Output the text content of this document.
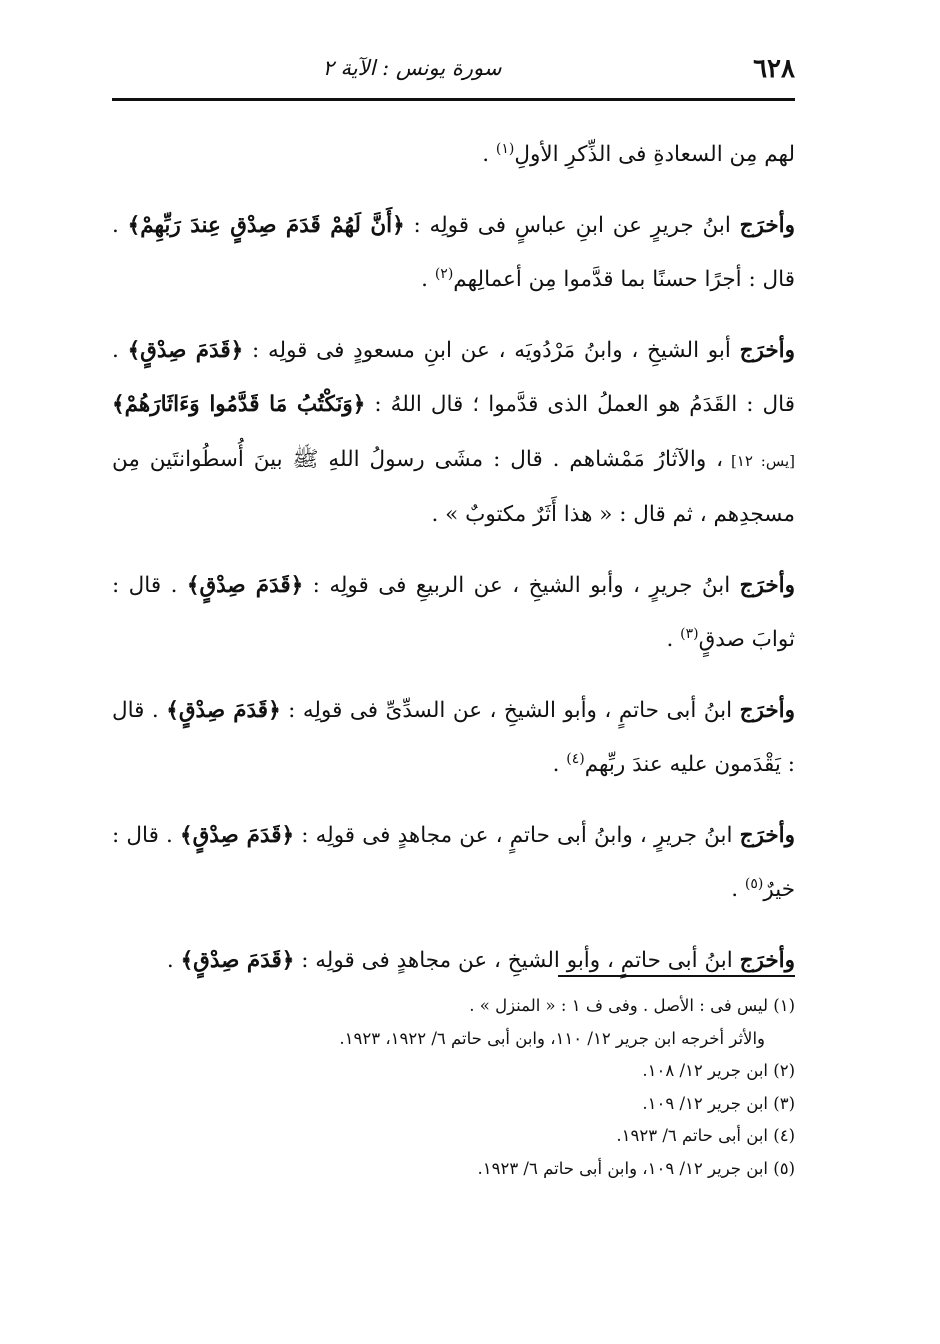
٦٢٨
سورة يونس : الآية ٢

لهم مِن السعادةِ فى الذِّكرِ الأولِ$^{(١)}$ .

وأخرَج ابنُ جريرٍ عن ابنِ عباسٍ فى قولِه : ﴿أَنَّ لَهُمْ قَدَمَ صِدْقٍ عِندَ رَبِّهِمْ﴾ . قال : أجرًا حسنًا بما قدَّموا مِن أعمالِهم$^{(٢)}$ .

وأخرَج أبو الشيخِ ، وابنُ مَرْدُويَه ، عن ابنِ مسعودٍ فى قولِه : ﴿قَدَمَ صِدْقٍ﴾ . قال : القَدَمُ هو العملُ الذى قدَّموا ؛ قال اللهُ : ﴿وَنَكْتُبُ مَا قَدَّمُوا وَءَاثَارَهُمْ﴾ [يس: ١٢] ، والآثارُ مَمْشاهم . قال : مشَى رسولُ اللهِ ﷺ بينَ أُسطُوانتَين مِن مسجدِهم ، ثم قال : « هذا أَثَرٌ مكتوبٌ » .

وأخرَج ابنُ جريرٍ ، وأبو الشيخِ ، عن الربيعِ فى قولِه : ﴿قَدَمَ صِدْقٍ﴾ . قال : ثوابَ صدقٍ$^{(٣)}$ .

وأخرَج ابنُ أبى حاتمٍ ، وأبو الشيخِ ، عن السدِّىِّ فى قولِه : ﴿قَدَمَ صِدْقٍ﴾ . قال : يَقْدَمون عليه عندَ ربِّهم$^{(٤)}$ .

وأخرَج ابنُ جريرٍ ، وابنُ أبى حاتمٍ ، عن مجاهدٍ فى قولِه : ﴿قَدَمَ صِدْقٍ﴾ . قال : خيرٌ$^{(٥)}$ .

وأخرَج ابنُ أبى حاتمٍ ، وأبو الشيخِ ، عن مجاهدٍ فى قولِه : ﴿قَدَمَ صِدْقٍ﴾ .

(١) ليس فى : الأصل . وفى ف ١ : « المنزل » .
والأثر أخرجه ابن جرير ١٢/ ١١٠، وابن أبى حاتم ٦/ ١٩٢٢، ١٩٢٣.
(٢) ابن جرير ١٢/ ١٠٨.
(٣) ابن جرير ١٢/ ١٠٩.
(٤) ابن أبى حاتم ٦/ ١٩٢٣.
(٥) ابن جرير ١٢/ ١٠٩، وابن أبى حاتم ٦/ ١٩٢٣.
